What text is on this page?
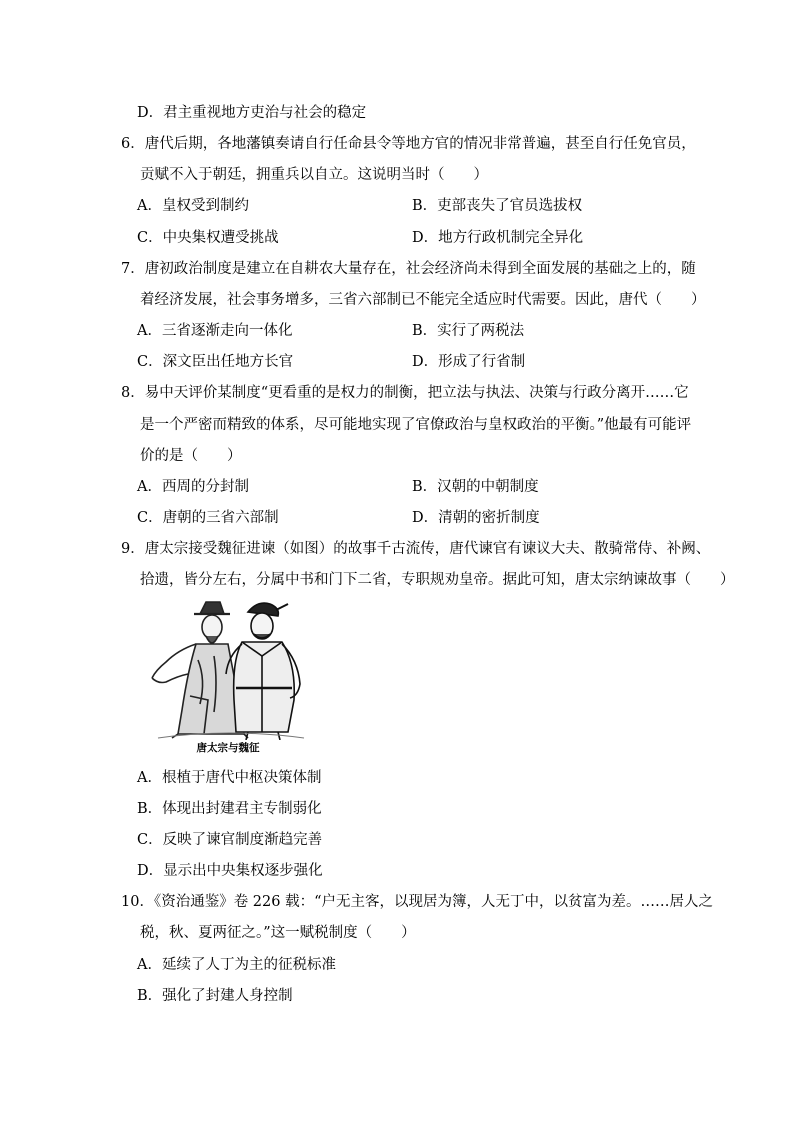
D．君主重视地方吏治与社会的稳定
6．唐代后期，各地藩镇奏请自行任命县令等地方官的情况非常普遍，甚至自行任免官员，
贡赋不入于朝廷，拥重兵以自立。这说明当时（　　）
A．皇权受到制约	B．吏部丧失了官员选拔权
C．中央集权遭受挑战	D．地方行政机制完全异化
7．唐初政治制度是建立在自耕农大量存在，社会经济尚未得到全面发展的基础之上的，随
着经济发展，社会事务增多，三省六部制已不能完全适应时代需要。因此，唐代（　　）
A．三省逐渐走向一体化	B．实行了两税法
C．深文臣出任地方长官	D．形成了行省制
8．易中天评价某制度“更看重的是权力的制衡，把立法与执法、决策与行政分离开……它
是一个严密而精致的体系，尽可能地实现了官僚政治与皇权政治的平衡。”他最有可能评
价的是（　　）
A．西周的分封制	B．汉朝的中朝制度
C．唐朝的三省六部制	D．清朝的密折制度
9．唐太宗接受魏征进谏（如图）的故事千古流传，唐代谏官有谏议大夫、散骑常侍、补阙、
拾遗，皆分左右，分属中书和门下二省，专职规劝皇帝。据此可知，唐太宗纳谏故事（　　）
唐太宗与魏征
A．根植于唐代中枢决策体制
B．体现出封建君主专制弱化
C．反映了谏官制度渐趋完善
D．显示出中央集权逐步强化
10．《资治通鉴》卷 226 载：“户无主客，以现居为簿，人无丁中，以贫富为差。……居人之
税，秋、夏两征之。”这一赋税制度（　　）
A．延续了人丁为主的征税标准
B．强化了封建人身控制
